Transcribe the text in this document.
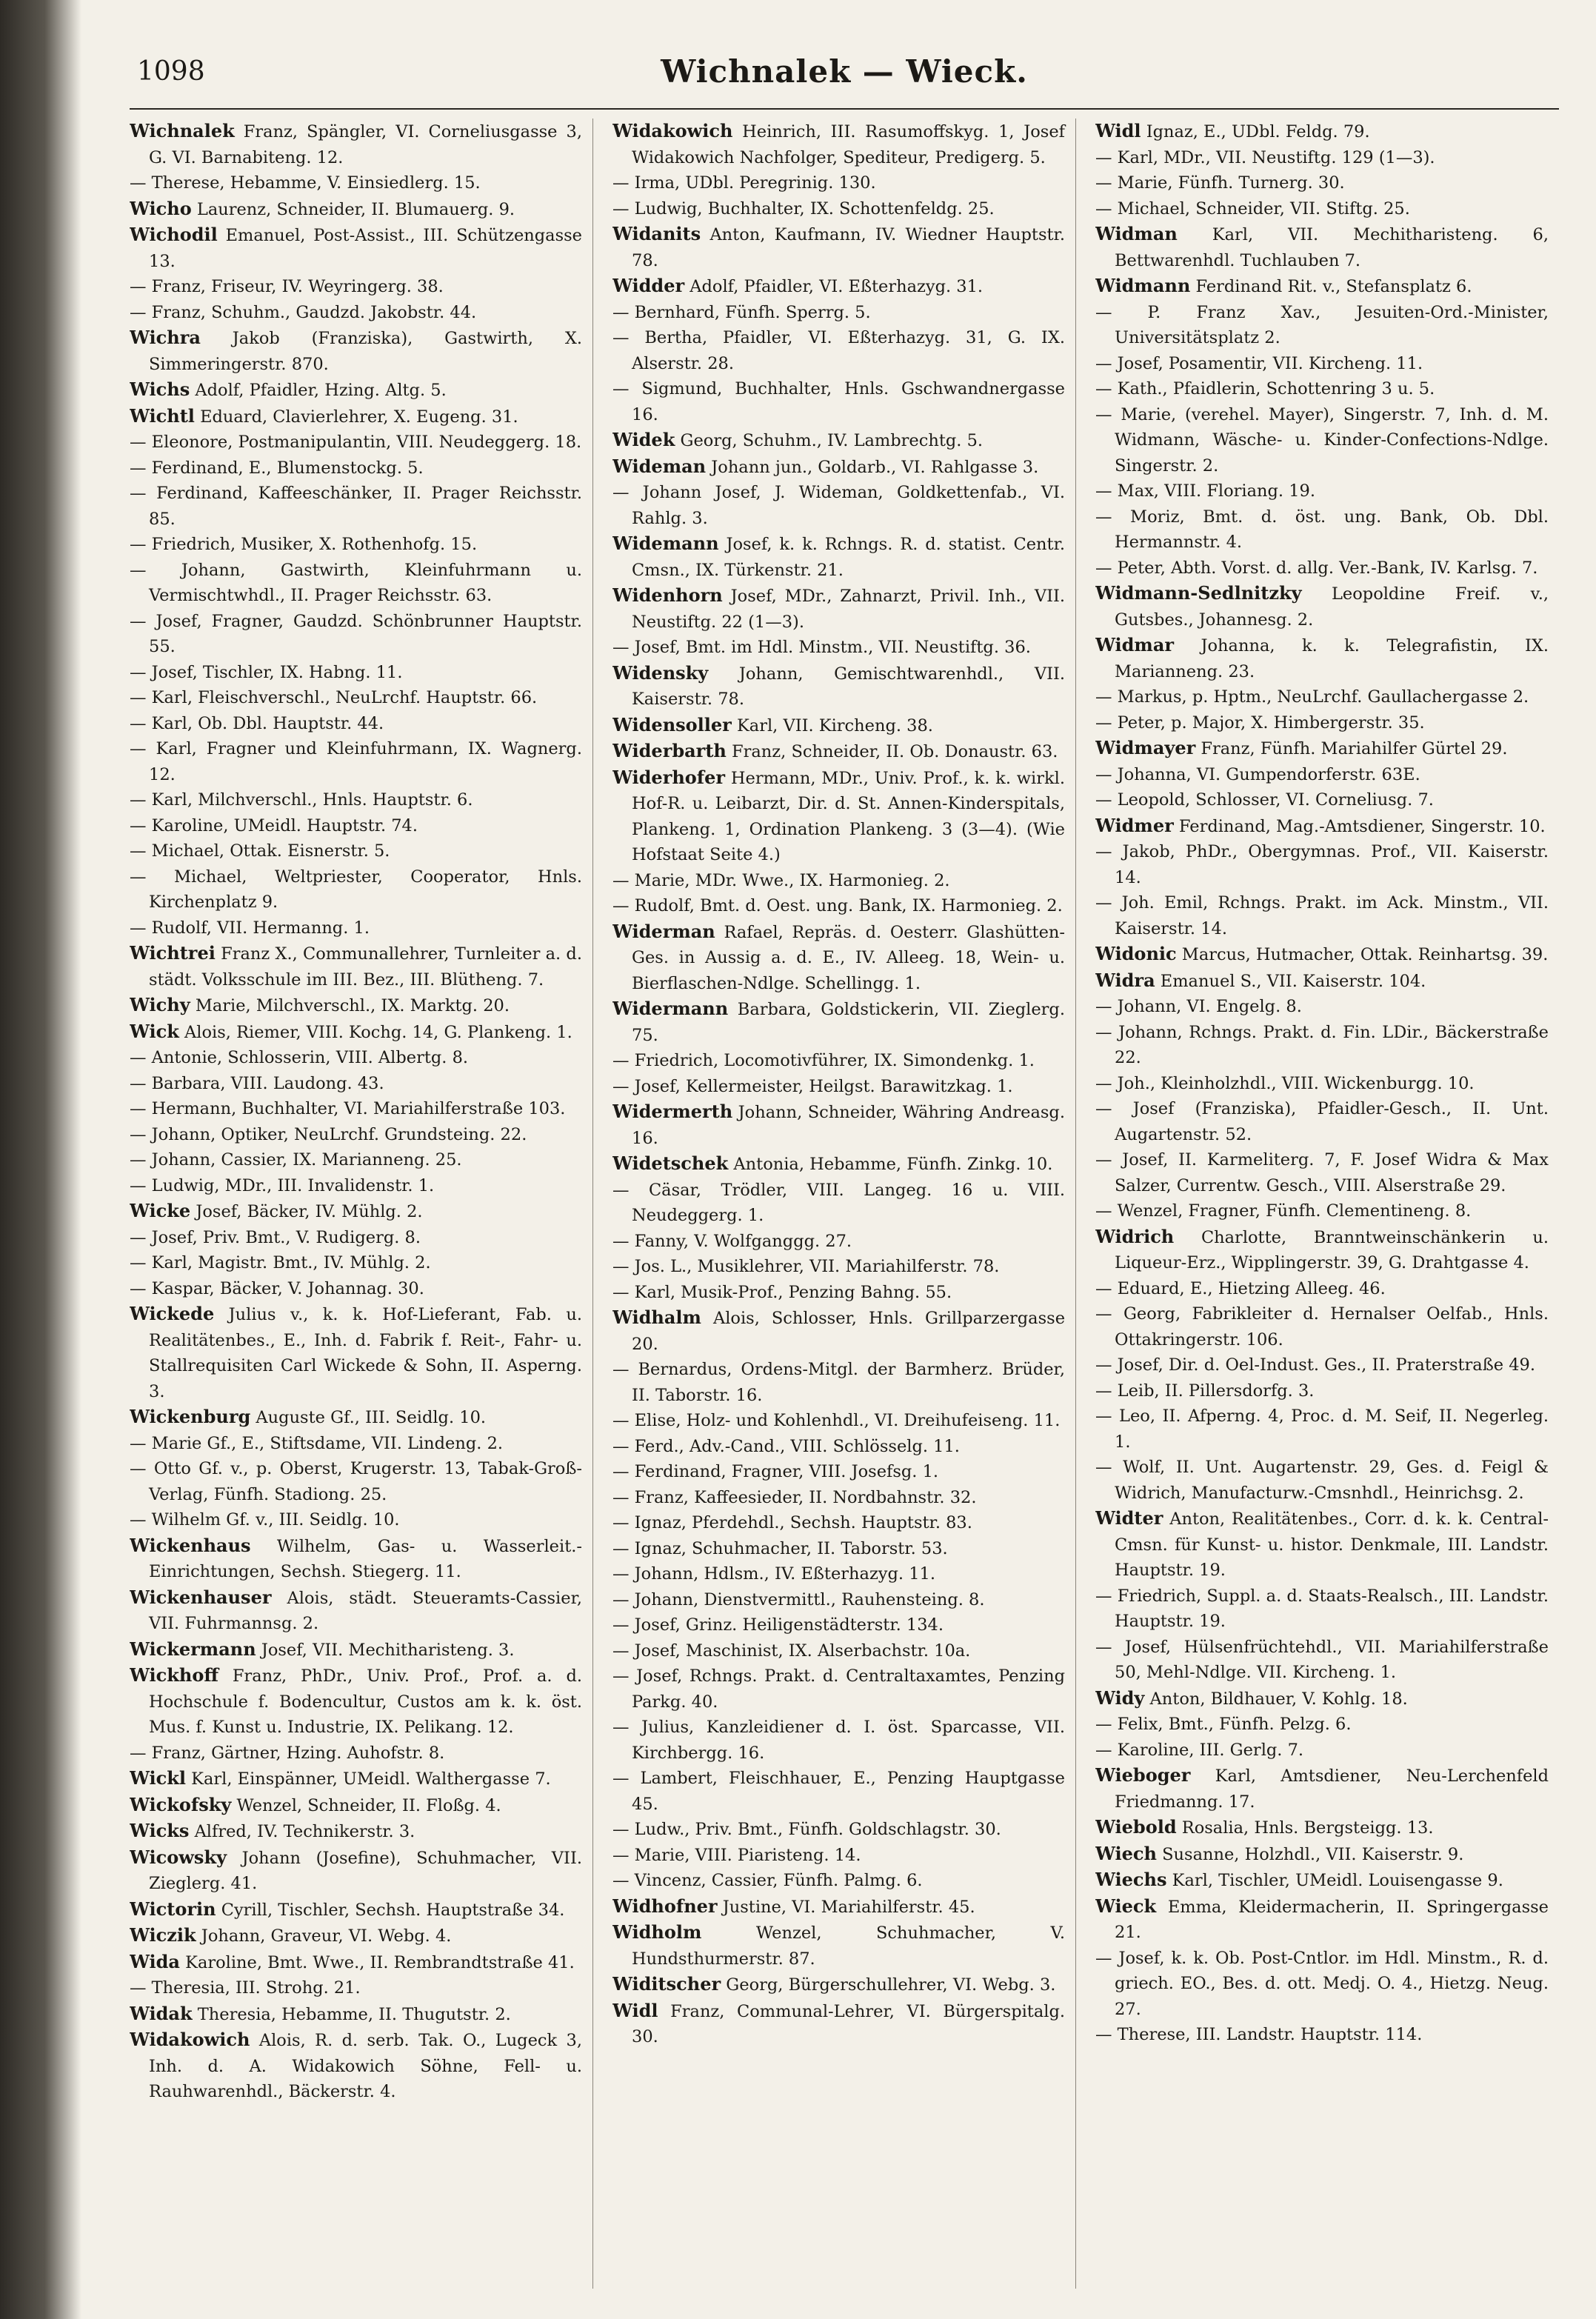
1098	Wichnalek — Wieck.
Wichnalek Franz, Spängler, VI. Corneliusgasse 3, G. VI. Barnabiteng. 12.
— Therese, Hebamme, V. Einsiedlerg. 15.
Wicho Laurenz, Schneider, II. Blumauerg. 9.
Wichodil Emanuel, Post-Assist., III. Schützengasse 13.
— Franz, Friseur, IV. Weyringerg. 38.
— Franz, Schuhm., Gaudzd. Jakobstr. 44.
Wichra Jakob (Franziska), Gastwirth, X. Simmeringerstr. 870.
Wichs Adolf, Pfaidler, Hzing. Altg. 5.
Wichtl Eduard, Clavierlehrer, X. Eugeng. 31.
— Eleonore, Postmanipulantin, VIII. Neudeggerg. 18.
— Ferdinand, E., Blumenstockg. 5.
— Ferdinand, Kaffeeschänker, II. Prager Reichsstr. 85.
— Friedrich, Musiker, X. Rothenhofg. 15.
— Johann, Gastwirth, Kleinfuhrmann u. Vermischtwhdl., II. Prager Reichsstr. 63.
— Josef, Fragner, Gaudzd. Schönbrunner Hauptstr. 55.
— Josef, Tischler, IX. Habng. 11.
— Karl, Fleischverschl., NeuLrchf. Hauptstr. 66.
— Karl, Ob. Dbl. Hauptstr. 44.
— Karl, Fragner und Kleinfuhrmann, IX. Wagnerg. 12.
— Karl, Milchverschl., Hnls. Hauptstr. 6.
— Karoline, UMeidl. Hauptstr. 74.
— Michael, Ottak. Eisnerstr. 5.
— Michael, Weltpriester, Cooperator, Hnls. Kirchenplatz 9.
— Rudolf, VII. Hermanng. 1.
Wichtrei Franz X., Communallehrer, Turnleiter a. d. städt. Volksschule im III. Bez., III. Blütheng. 7.
Wichy Marie, Milchverschl., IX. Marktg. 20.
Wick Alois, Riemer, VIII. Kochg. 14, G. Plankeng. 1.
— Antonie, Schlosserin, VIII. Albertg. 8.
— Barbara, VIII. Laudong. 43.
— Hermann, Buchhalter, VI. Mariahilferstraße 103.
— Johann, Optiker, NeuLrchf. Grundsteing. 22.
— Johann, Cassier, IX. Marianneng. 25.
— Ludwig, MDr., III. Invalidenstr. 1.
Wicke Josef, Bäcker, IV. Mühlg. 2.
— Josef, Priv. Bmt., V. Rudigerg. 8.
— Karl, Magistr. Bmt., IV. Mühlg. 2.
— Kaspar, Bäcker, V. Johannag. 30.
Wickede Julius v., k. k. Hof-Lieferant, Fab. u. Realitätenbes., E., Inh. d. Fabrik f. Reit-, Fahr- u. Stallrequisiten Carl Wickede & Sohn, II. Asperng. 3.
Wickenburg Auguste Gf., III. Seidlg. 10.
— Marie Gf., E., Stiftsdame, VII. Lindeng. 2.
— Otto Gf. v., p. Oberst, Krugerstr. 13, Tabak-Groß-Verlag, Fünfh. Stadiong. 25.
— Wilhelm Gf. v., III. Seidlg. 10.
Wickenhaus Wilhelm, Gas- u. Wasserleit.-Einrichtungen, Sechsh. Stiegerg. 11.
Wickenhauser Alois, städt. Steueramts-Cassier, VII. Fuhrmannsg. 2.
Wickermann Josef, VII. Mechitharisteng. 3.
Wickhoff Franz, PhDr., Univ. Prof., Prof. a. d. Hochschule f. Bodencultur, Custos am k. k. öst. Mus. f. Kunst u. Industrie, IX. Pelikang. 12.
— Franz, Gärtner, Hzing. Auhofstr. 8.
Wickl Karl, Einspänner, UMeidl. Walthergasse 7.
Wickofsky Wenzel, Schneider, II. Floßg. 4.
Wicks Alfred, IV. Technikerstr. 3.
Wicowsky Johann (Josefine), Schuhmacher, VII. Zieglerg. 41.
Wictorin Cyrill, Tischler, Sechsh. Hauptstraße 34.
Wiczik Johann, Graveur, VI. Webg. 4.
Wida Karoline, Bmt. Wwe., II. Rembrandtstraße 41.
— Theresia, III. Strohg. 21.
Widak Theresia, Hebamme, II. Thugutstr. 2.
Widakowich Alois, R. d. serb. Tak. O., Lugeck 3, Inh. d. A. Widakowich Söhne, Fell- u. Rauhwarenhdl., Bäckerstr. 4.
Widakowich Heinrich, III. Rasumoffskyg. 1, Josef Widakowich Nachfolger, Spediteur, Predigerg. 5.
— Irma, UDbl. Peregrinig. 130.
— Ludwig, Buchhalter, IX. Schottenfeldg. 25.
Widanits Anton, Kaufmann, IV. Wiedner Hauptstr. 78.
Widder Adolf, Pfaidler, VI. Eßterhazyg. 31.
— Bernhard, Fünfh. Sperrg. 5.
— Bertha, Pfaidler, VI. Eßterhazyg. 31, G. IX. Alserstr. 28.
— Sigmund, Buchhalter, Hnls. Gschwandnergasse 16.
Widek Georg, Schuhm., IV. Lambrechtg. 5.
Wideman Johann jun., Goldarb., VI. Rahlgasse 3.
— Johann Josef, J. Wideman, Goldkettenfab., VI. Rahlg. 3.
Widemann Josef, k. k. Rchngs. R. d. statist. Centr. Cmsn., IX. Türkenstr. 21.
Widenhorn Josef, MDr., Zahnarzt, Privil. Inh., VII. Neustiftg. 22 (1—3).
— Josef, Bmt. im Hdl. Minstm., VII. Neustiftg. 36.
Widensky Johann, Gemischtwarenhdl., VII. Kaiserstr. 78.
Widensoller Karl, VII. Kircheng. 38.
Widerbarth Franz, Schneider, II. Ob. Donaustr. 63.
Widerhofer Hermann, MDr., Univ. Prof., k. k. wirkl. Hof-R. u. Leibarzt, Dir. d. St. Annen-Kinderspitals, Plankeng. 1, Ordination Plankeng. 3 (3—4). (Wie Hofstaat Seite 4.)
— Marie, MDr. Wwe., IX. Harmonieg. 2.
— Rudolf, Bmt. d. Oest. ung. Bank, IX. Harmonieg. 2.
Widerman Rafael, Repräs. d. Oesterr. Glashütten-Ges. in Aussig a. d. E., IV. Alleeg. 18, Wein- u. Bierflaschen-Ndlge. Schellingg. 1.
Widermann Barbara, Goldstickerin, VII. Zieglerg. 75.
— Friedrich, Locomotivführer, IX. Simondenkg. 1.
— Josef, Kellermeister, Heilgst. Barawitzkag. 1.
Widermerth Johann, Schneider, Währing Andreasg. 16.
Widetschek Antonia, Hebamme, Fünfh. Zinkg. 10.
— Cäsar, Trödler, VIII. Langeg. 16 u. VIII. Neudeggerg. 1.
— Fanny, V. Wolfganggg. 27.
— Jos. L., Musiklehrer, VII. Mariahilferstr. 78.
— Karl, Musik-Prof., Penzing Bahng. 55.
Widhalm Alois, Schlosser, Hnls. Grillparzergasse 20.
— Bernardus, Ordens-Mitgl. der Barmherz. Brüder, II. Taborstr. 16.
— Elise, Holz- und Kohlenhdl., VI. Dreihufeiseng. 11.
— Ferd., Adv.-Cand., VIII. Schlösselg. 11.
— Ferdinand, Fragner, VIII. Josefsg. 1.
— Franz, Kaffeesieder, II. Nordbahnstr. 32.
— Ignaz, Pferdehdl., Sechsh. Hauptstr. 83.
— Ignaz, Schuhmacher, II. Taborstr. 53.
— Johann, Hdlsm., IV. Eßterhazyg. 11.
— Johann, Dienstvermittl., Rauhensteing. 8.
— Josef, Grinz. Heiligenstädterstr. 134.
— Josef, Maschinist, IX. Alserbachstr. 10a.
— Josef, Rchngs. Prakt. d. Centraltaxamtes, Penzing Parkg. 40.
— Julius, Kanzleidiener d. I. öst. Sparcasse, VII. Kirchbergg. 16.
— Lambert, Fleischhauer, E., Penzing Hauptgasse 45.
— Ludw., Priv. Bmt., Fünfh. Goldschlagstr. 30.
— Marie, VIII. Piaristeng. 14.
— Vincenz, Cassier, Fünfh. Palmg. 6.
Widhofner Justine, VI. Mariahilferstr. 45.
Widholm	Wenzel, Schuhmacher, V. Hundsthurmerstr. 87.
Widitscher Georg, Bürgerschullehrer, VI. Webg. 3.
Widl Franz, Communal-Lehrer, VI. Bürgerspitalg. 30.
Widl Ignaz, E., UDbl. Feldg. 79.
— Karl, MDr., VII. Neustiftg. 129 (1—3).
— Marie, Fünfh. Turnerg. 30.
— Michael, Schneider, VII. Stiftg. 25.
Widman Karl, VII. Mechitharisteng. 6, Bettwarenhdl. Tuchlauben 7.
Widmann Ferdinand Rit. v., Stefansplatz 6.
— P. Franz Xav., Jesuiten-Ord.-Minister, Universitätsplatz 2.
— Josef, Posamentir, VII. Kircheng. 11.
— Kath., Pfaidlerin, Schottenring 3 u. 5.
— Marie, (verehel. Mayer), Singerstr. 7, Inh. d. M. Widmann, Wäsche- u. Kinder-Confections-Ndlge. Singerstr. 2.
— Max, VIII. Floriang. 19.
— Moriz, Bmt. d. öst. ung. Bank, Ob. Dbl. Hermannstr. 4.
— Peter, Abth. Vorst. d. allg. Ver.-Bank, IV. Karlsg. 7.
Widmann-Sedlnitzky Leopoldine Freif. v., Gutsbes., Johannesg. 2.
Widmar Johanna, k. k. Telegrafistin, IX. Marianneng. 23.
— Markus, p. Hptm., NeuLrchf. Gaullachergasse 2.
— Peter, p. Major, X. Himbergerstr. 35.
Widmayer Franz, Fünfh. Mariahilfer Gürtel 29.
— Johanna, VI. Gumpendorferstr. 63E.
— Leopold, Schlosser, VI. Corneliusg. 7.
Widmer Ferdinand, Mag.-Amtsdiener, Singerstr. 10.
— Jakob, PhDr., Obergymnas. Prof., VII. Kaiserstr. 14.
— Joh. Emil, Rchngs. Prakt. im Ack. Minstm., VII. Kaiserstr. 14.
Widonic Marcus, Hutmacher, Ottak. Reinhartsg. 39.
Widra Emanuel S., VII. Kaiserstr. 104.
— Johann, VI. Engelg. 8.
— Johann, Rchngs. Prakt. d. Fin. LDir., Bäckerstraße 22.
— Joh., Kleinholzhdl., VIII. Wickenburgg. 10.
— Josef (Franziska), Pfaidler-Gesch., II. Unt. Augartenstr. 52.
— Josef, II. Karmeliterg. 7, F. Josef Widra & Max Salzer, Currentw. Gesch., VIII. Alserstraße 29.
— Wenzel, Fragner, Fünfh. Clementineng. 8.
Widrich Charlotte, Branntweinschänkerin u. Liqueur-Erz., Wipplingerstr. 39, G. Drahtgasse 4.
— Eduard, E., Hietzing Alleeg. 46.
— Georg, Fabrikleiter d. Hernalser Oelfab., Hnls. Ottakringerstr. 106.
— Josef, Dir. d. Oel-Indust. Ges., II. Praterstraße 49.
— Leib, II. Pillersdorfg. 3.
— Leo, II. Afperng. 4, Proc. d. M. Seif, II. Negerleg. 1.
— Wolf, II. Unt. Augartenstr. 29, Ges. d. Feigl & Widrich, Manufacturw.-Cmsnhdl., Heinrichsg. 2.
Widter Anton, Realitätenbes., Corr. d. k. k. Central-Cmsn. für Kunst- u. histor. Denkmale, III. Landstr. Hauptstr. 19.
— Friedrich, Suppl. a. d. Staats-Realsch., III. Landstr. Hauptstr. 19.
— Josef, Hülsenfrüchtehdl., VII. Mariahilferstraße 50, Mehl-Ndlge. VII. Kircheng. 1.
Widy Anton, Bildhauer, V. Kohlg. 18.
— Felix, Bmt., Fünfh. Pelzg. 6.
— Karoline, III. Gerlg. 7.
Wieboger Karl, Amtsdiener, Neu-Lerchenfeld Friedmanng. 17.
Wiebold Rosalia, Hnls. Bergsteigg. 13.
Wiech Susanne, Holzhdl., VII. Kaiserstr. 9.
Wiechs Karl, Tischler, UMeidl. Louisengasse 9.
Wieck Emma, Kleidermacherin, II. Springergasse 21.
— Josef, k. k. Ob. Post-Cntlor. im Hdl. Minstm., R. d. griech. EO., Bes. d. ott. Medj. O. 4., Hietzg. Neug. 27.
— Therese, III. Landstr. Hauptstr. 114.
